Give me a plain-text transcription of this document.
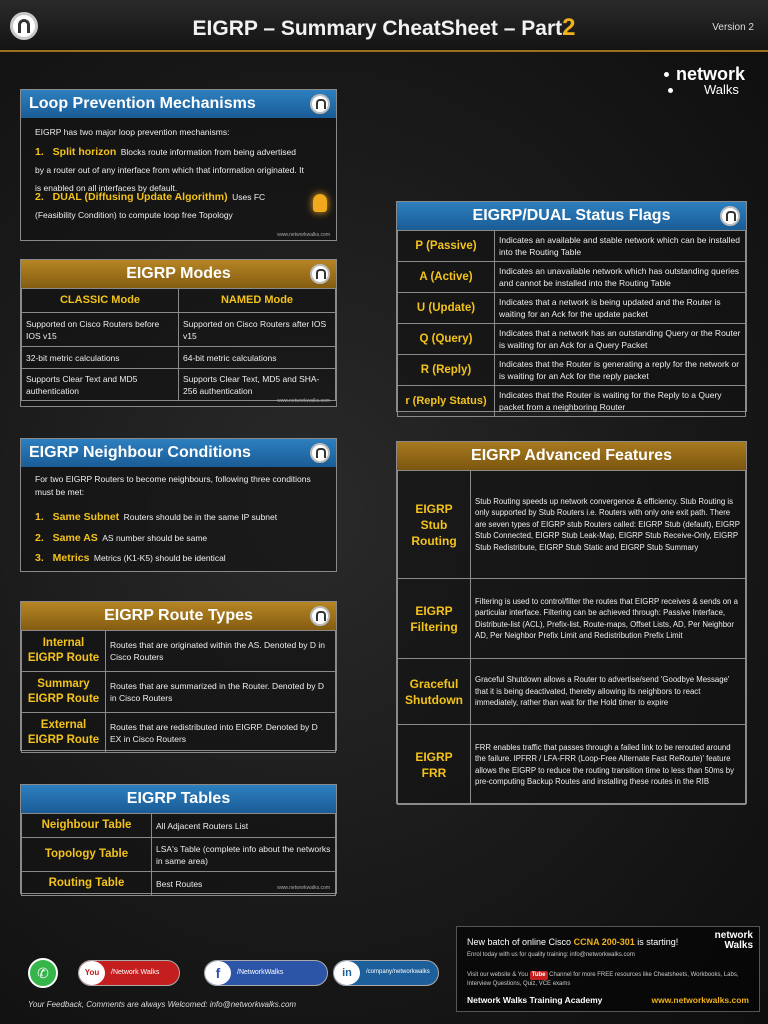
EIGRP – Summary CheatSheet – Part2	Version 2
network
Walks
Loop Prevention Mechanisms
EIGRP has two major loop prevention mechanisms:
1. Split horizon Blocks route information from being advertised by a router out of any interface from which that information originated. It is enabled on all interfaces by default.
2. DUAL (Diffusing Update Algorithm) Uses FC (Feasibility Condition) to compute loop free Topology
www.networkwalks.com
EIGRP Modes
CLASSIC Mode	NAMED Mode
Supported on Cisco Routers before IOS v15	Supported on Cisco Routers after IOS v15
32-bit metric calculations	64-bit metric calculations
Supports Clear Text and MD5 authentication	Supports Clear Text, MD5 and SHA-256 authentication
www.networkwalks.com
EIGRP Neighbour Conditions
For two EIGRP Routers to become neighbours, following three conditions must be met:
1. Same Subnet Routers should be in the same IP subnet
2. Same AS AS number should be same
3. Metrics Metrics (K1-K5) should be identical
EIGRP Route Types
Internal EIGRP Route	Routes that are originated within the AS. Denoted by D in Cisco Routers
Summary EIGRP Route	Routes that are summarized in the Router. Denoted by D in Cisco Routers
External EIGRP Route	Routes that are redistributed into EIGRP. Denoted by D EX in Cisco Routers
EIGRP Tables
Neighbour Table	All Adjacent Routers List
Topology Table	LSA's Table (complete info about the networks in same area)
Routing Table	Best Routes	www.networkwalks.com
EIGRP/DUAL Status Flags
P (Passive)	Indicates an available and stable network which can be installed into the Routing Table
A (Active)	Indicates an unavailable network which has outstanding queries and cannot be installed into the Routing Table
U (Update)	Indicates that a network is being updated and the Router is waiting for an Ack for the update packet
Q (Query)	Indicates that a network has an outstanding Query or the Router is waiting for an Ack for a Query Packet
R (Reply)	Indicates that the Router is generating a reply for the network or is waiting for an Ack for the reply packet
r (Reply Status)	Indicates that the Router is waiting for the Reply to a Query packet from a neighboring Router
EIGRP Advanced Features
EIGRP Stub Routing	Stub Routing speeds up network convergence & efficiency. Stub Routing is only supported by Stub Routers i.e. Routers with only one exit path. There are seven types of EIGRP stub Routers called: EIGRP Stub (default), EIGRP Stub Connected, EIGRP Stub Leak-Map, EIGRP Stub Receive-Only, EIGRP Stub Redistribute, EIGRP Stub Static and EIGRP Stub Summary
EIGRP Filtering	Filtering is used to control/filter the routes that EIGRP receives & sends on a particular interface. Filtering can be achieved through: Passive Interface, Distribute-list (ACL), Prefix-list, Route-maps, Offset Lists, AD, Per Neighbor AD, Per Neighbor Prefix Limit and Redistribution Prefix Limit
Graceful Shutdown	Graceful Shutdown allows a Router to advertise/send 'Goodbye Message' that it is being deactivated, thereby allowing its neighbors to react immediately, rather than wait for the Hold timer to expire
EIGRP FRR	FRR enables traffic that passes through a failed link to be rerouted around the failure. IPFRR / LFA-FRR (Loop-Free Alternate Fast ReRoute)' feature allows the EIGRP to reduce the routing transition time to less than 50ms by pre-computing Backup Routes and installing these routes in the RIB
✆	You	/Network Walks	f	/NetworkWalks	in	/company/networkwalks
Your Feedback, Comments are always Welcomed: info@networkwalks.com
New batch of online Cisco CCNA 200-301 is starting!
Enrol today with us for quality training: info@networkwalks.com
Visit our website & You Tube Channel for more FREE resources like Cheatsheets, Workbooks, Labs, Interview Questions, Quiz, VCE exams
Network Walks Training Academy	www.networkwalks.com
network
Walks
